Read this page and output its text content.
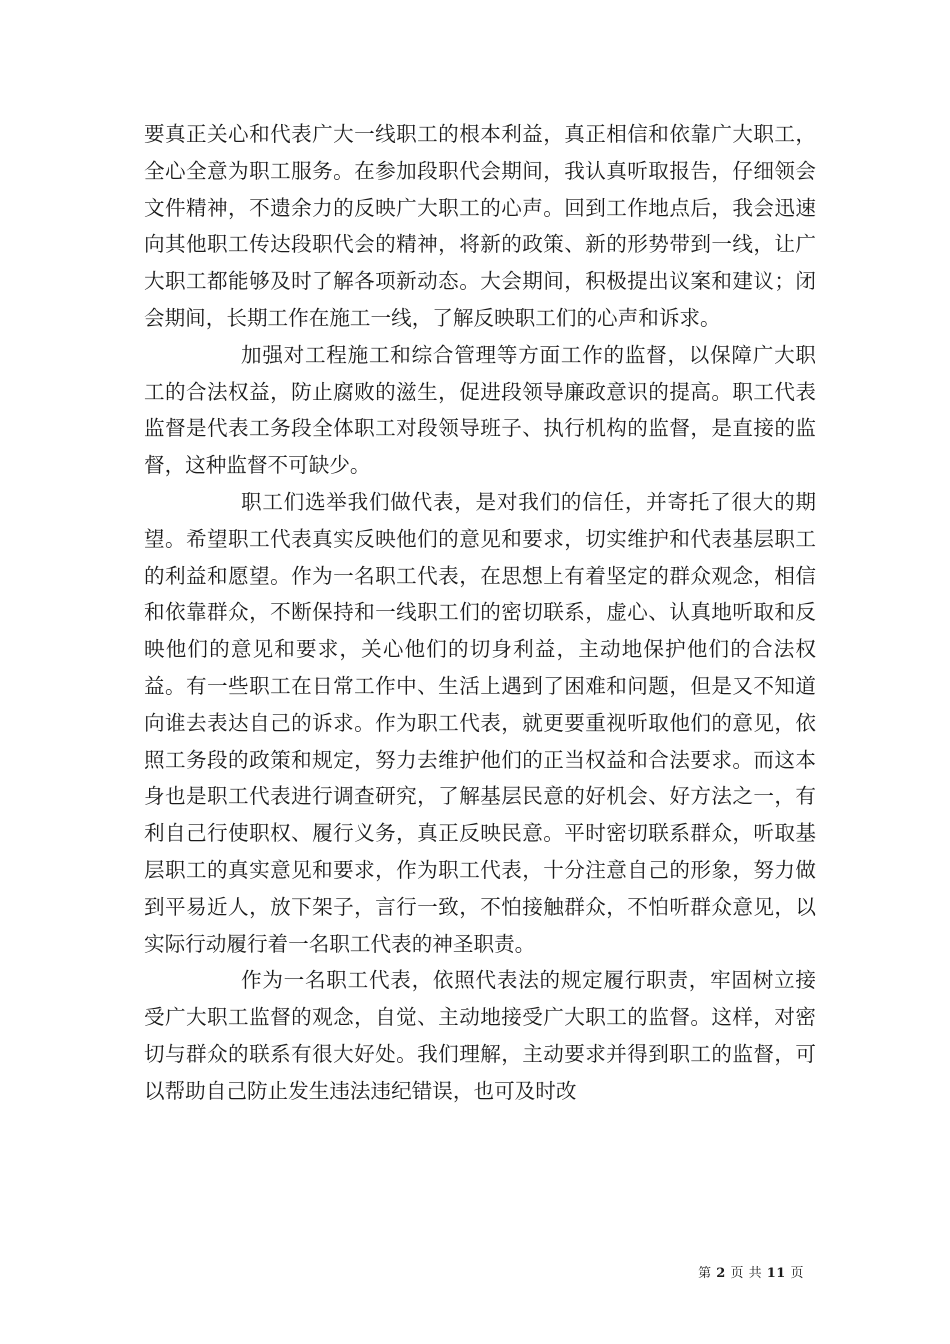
要真正关心和代表广大一线职工的根本利益，真正相信和依靠广大职工，全心全意为职工服务。在参加段职代会期间，我认真听取报告，仔细领会文件精神，不遗余力的反映广大职工的心声。回到工作地点后，我会迅速向其他职工传达段职代会的精神，将新的政策、新的形势带到一线，让广大职工都能够及时了解各项新动态。大会期间，积极提出议案和建议；闭会期间，长期工作在施工一线，了解反映职工们的心声和诉求。

加强对工程施工和综合管理等方面工作的监督，以保障广大职工的合法权益，防止腐败的滋生，促进段领导廉政意识的提高。职工代表监督是代表工务段全体职工对段领导班子、执行机构的监督，是直接的监督，这种监督不可缺少。

职工们选举我们做代表，是对我们的信任，并寄托了很大的期望。希望职工代表真实反映他们的意见和要求，切实维护和代表基层职工的利益和愿望。作为一名职工代表，在思想上有着坚定的群众观念，相信和依靠群众，不断保持和一线职工们的密切联系，虚心、认真地听取和反映他们的意见和要求，关心他们的切身利益，主动地保护他们的合法权益。有一些职工在日常工作中、生活上遇到了困难和问题，但是又不知道向谁去表达自己的诉求。作为职工代表，就更要重视听取他们的意见，依照工务段的政策和规定，努力去维护他们的正当权益和合法要求。而这本身也是职工代表进行调查研究，了解基层民意的好机会、好方法之一，有利自己行使职权、履行义务，真正反映民意。平时密切联系群众，听取基层职工的真实意见和要求，作为职工代表，十分注意自己的形象，努力做到平易近人，放下架子，言行一致，不怕接触群众，不怕听群众意见，以实际行动履行着一名职工代表的神圣职责。

作为一名职工代表，依照代表法的规定履行职责，牢固树立接受广大职工监督的观念，自觉、主动地接受广大职工的监督。这样，对密切与群众的联系有很大好处。我们理解，主动要求并得到职工的监督，可以帮助自己防止发生违法违纪错误，也可及时改

第 2 页 共 11 页
